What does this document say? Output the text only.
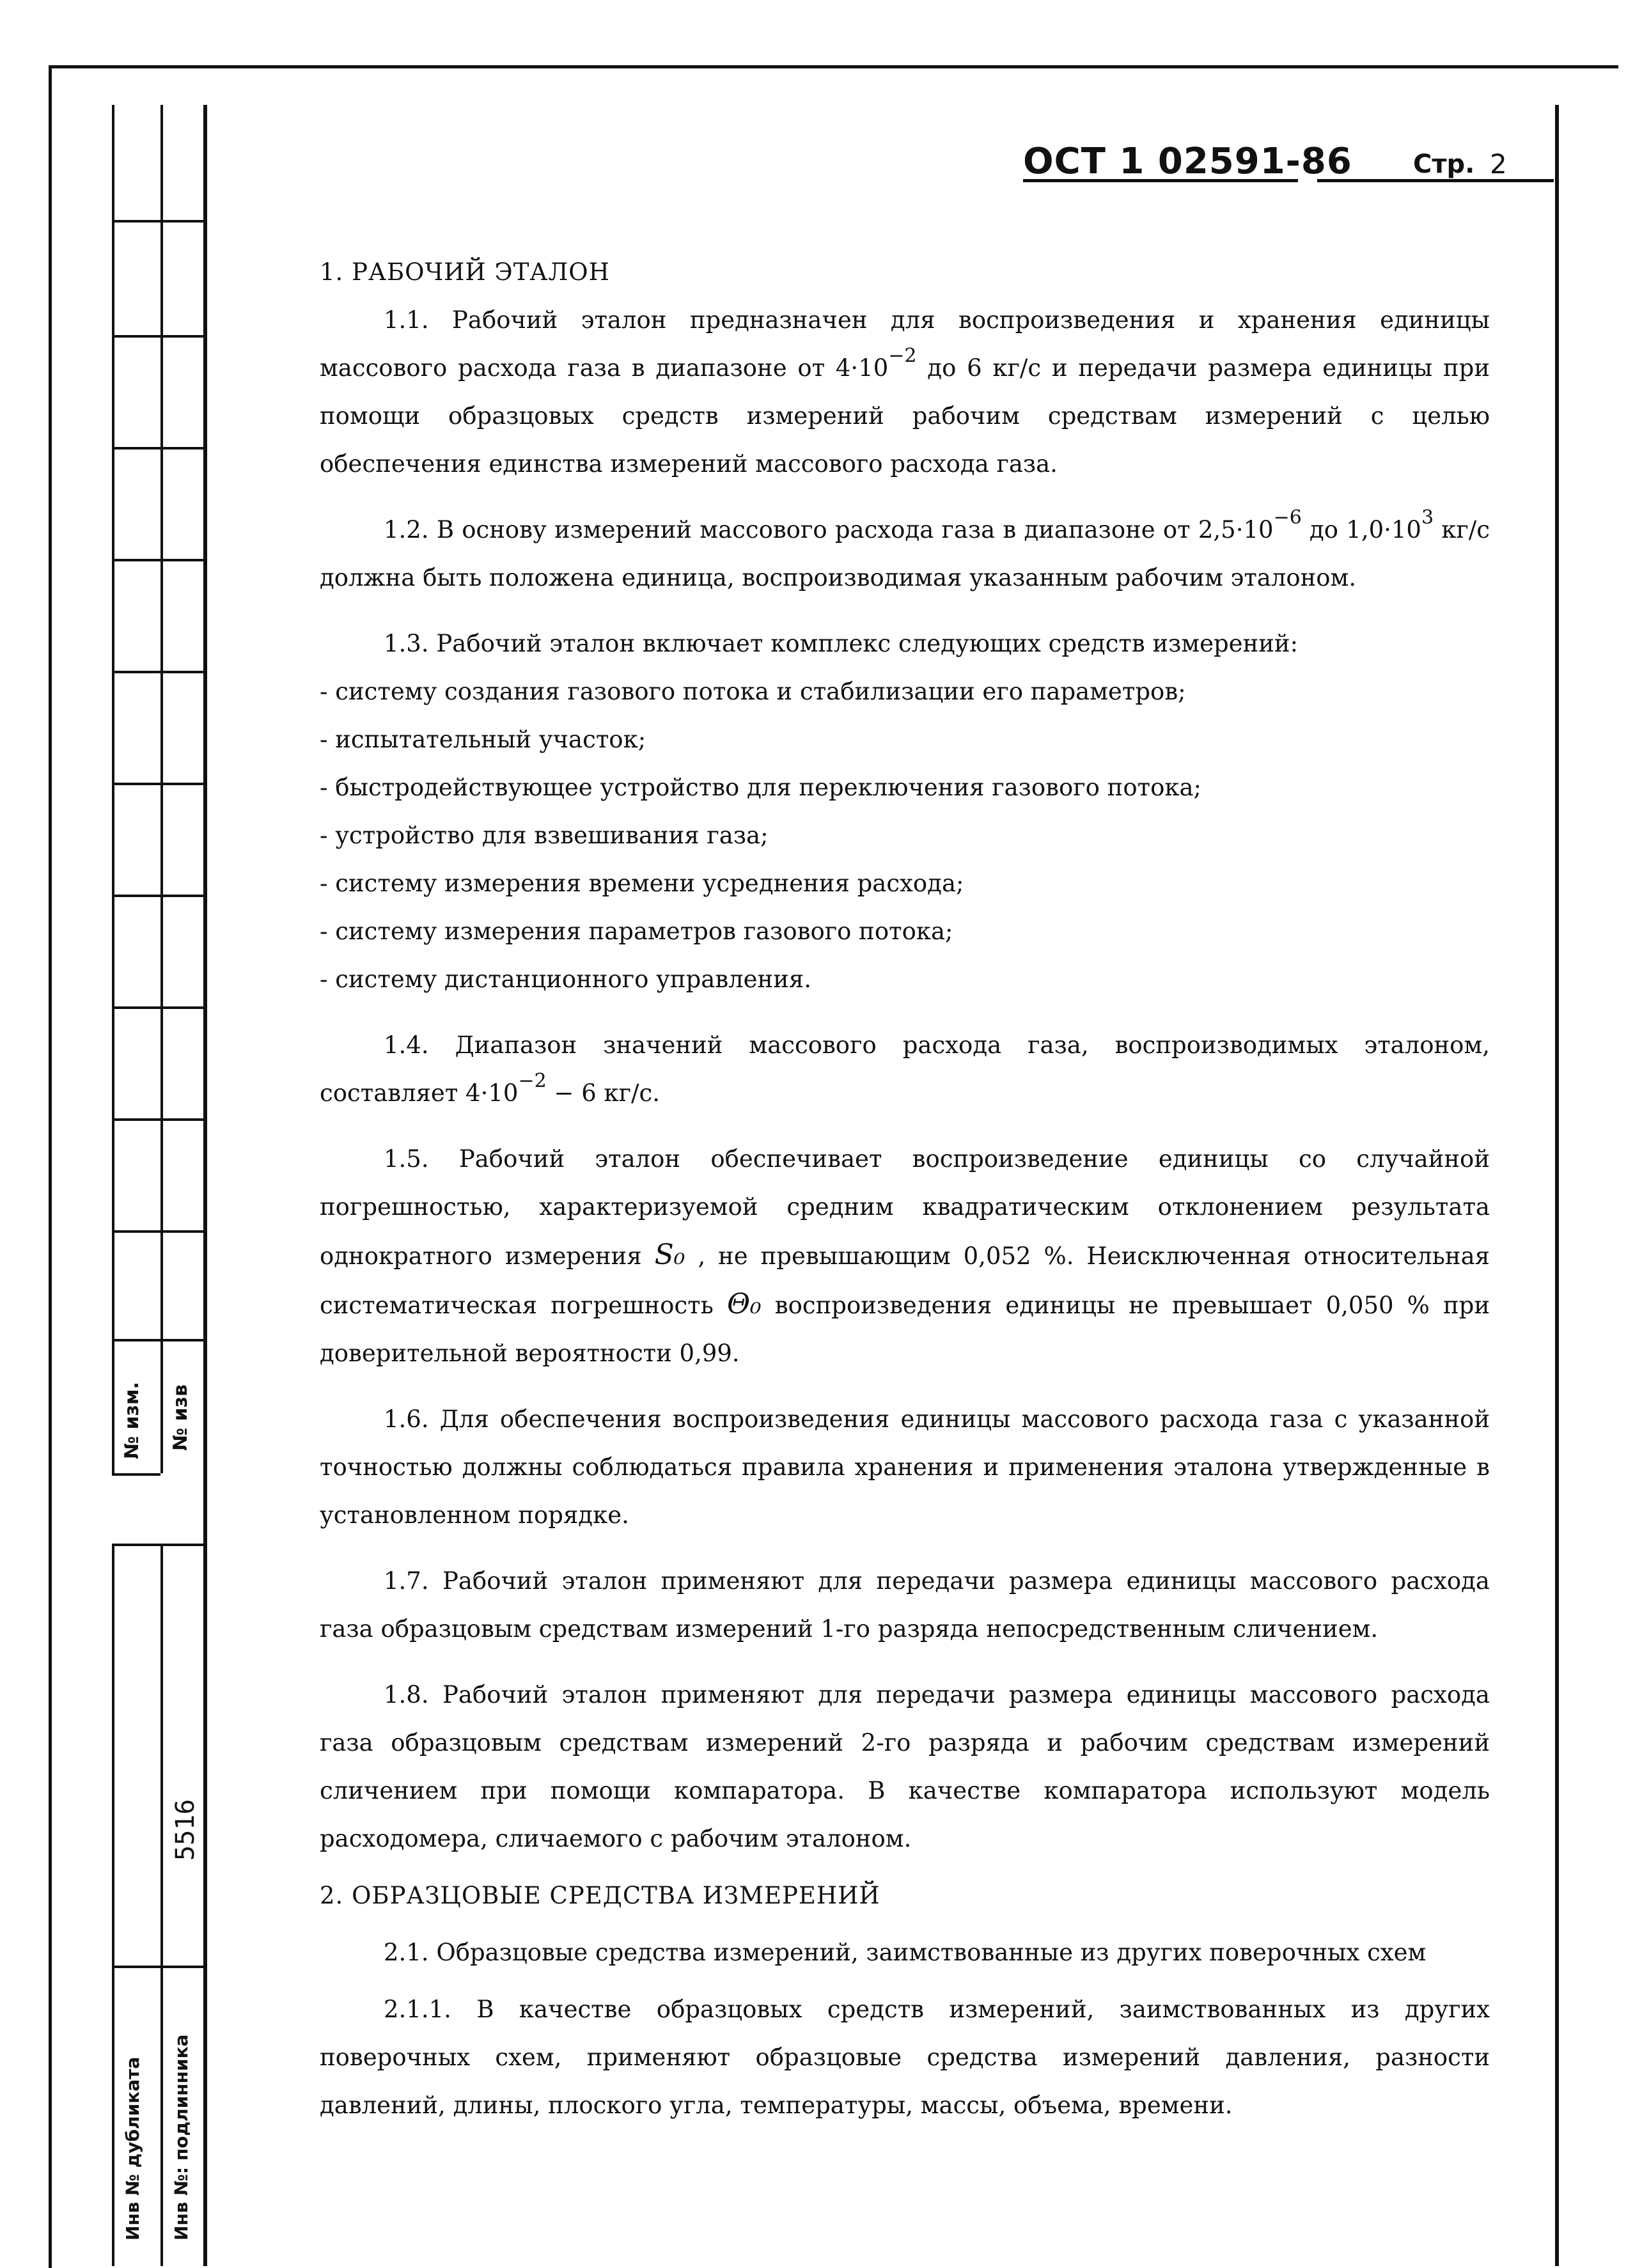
№ изм. № изв
5516
Инв № дубликата Инв №: подлинника
ОСТ 1 02591-86 Стр. 2

1. РАБОЧИЙ ЭТАЛОН

1.1. Рабочий эталон предназначен для воспроизведения и хранения единицы массового расхода газа в диапазоне от $4\cdot 10^{-2}$ до 6 кг/с и передачи размера единицы при помощи образцовых средств измерений рабочим средствам измерений с целью обеспечения единства измерений массового расхода газа.

1.2. В основу измерений массового расхода газа в диапазоне от $2,5\cdot 10^{-6}$ до $1,0\cdot 10^3$ кг/с должна быть положена единица, воспроизводимая указанным рабочим эталоном.

1.3. Рабочий эталон включает комплекс следующих средств измерений:

- систему создания газового потока и стабилизации его параметров;

- испытательный участок;

- быстродействующее устройство для переключения газового потока;

- устройство для взвешивания газа;

- систему измерения времени усреднения расхода;

- систему измерения параметров газового потока;

- систему дистанционного управления.

1.4. Диапазон значений массового расхода газа, воспроизводимых эталоном, составляет $4\cdot 10^{-2} - 6$ кг/с.

1.5. Рабочий эталон обеспечивает воспроизведение единицы со случайной погрешностью, характеризуемой средним квадратическим отклонением результата однократного измерения S₀ , не превышающим 0,052 %. Неисключенная относительная систематическая погрешность Θ₀ воспроизведения единицы не превышает 0,050 % при доверительной вероятности 0,99.

1.6. Для обеспечения воспроизведения единицы массового расхода газа с указанной точностью должны соблюдаться правила хранения и применения эталона утвержденные в установленном порядке.

1.7. Рабочий эталон применяют для передачи размера единицы массового расхода газа образцовым средствам измерений 1-го разряда непосредственным сличением.

1.8. Рабочий эталон применяют для передачи размера единицы массового расхода газа образцовым средствам измерений 2-го разряда и рабочим средствам измерений сличением при помощи компаратора. В качестве компаратора используют модель расходомера, сличаемого с рабочим эталоном.

2. ОБРАЗЦОВЫЕ СРЕДСТВА ИЗМЕРЕНИЙ

2.1. Образцовые средства измерений, заимствованные из других поверочных схем

2.1.1. В качестве образцовых средств измерений, заимствованных из других поверочных схем, применяют образцовые средства измерений давления, разности давлений, длины, плоского угла, температуры, массы, объема, времени.
